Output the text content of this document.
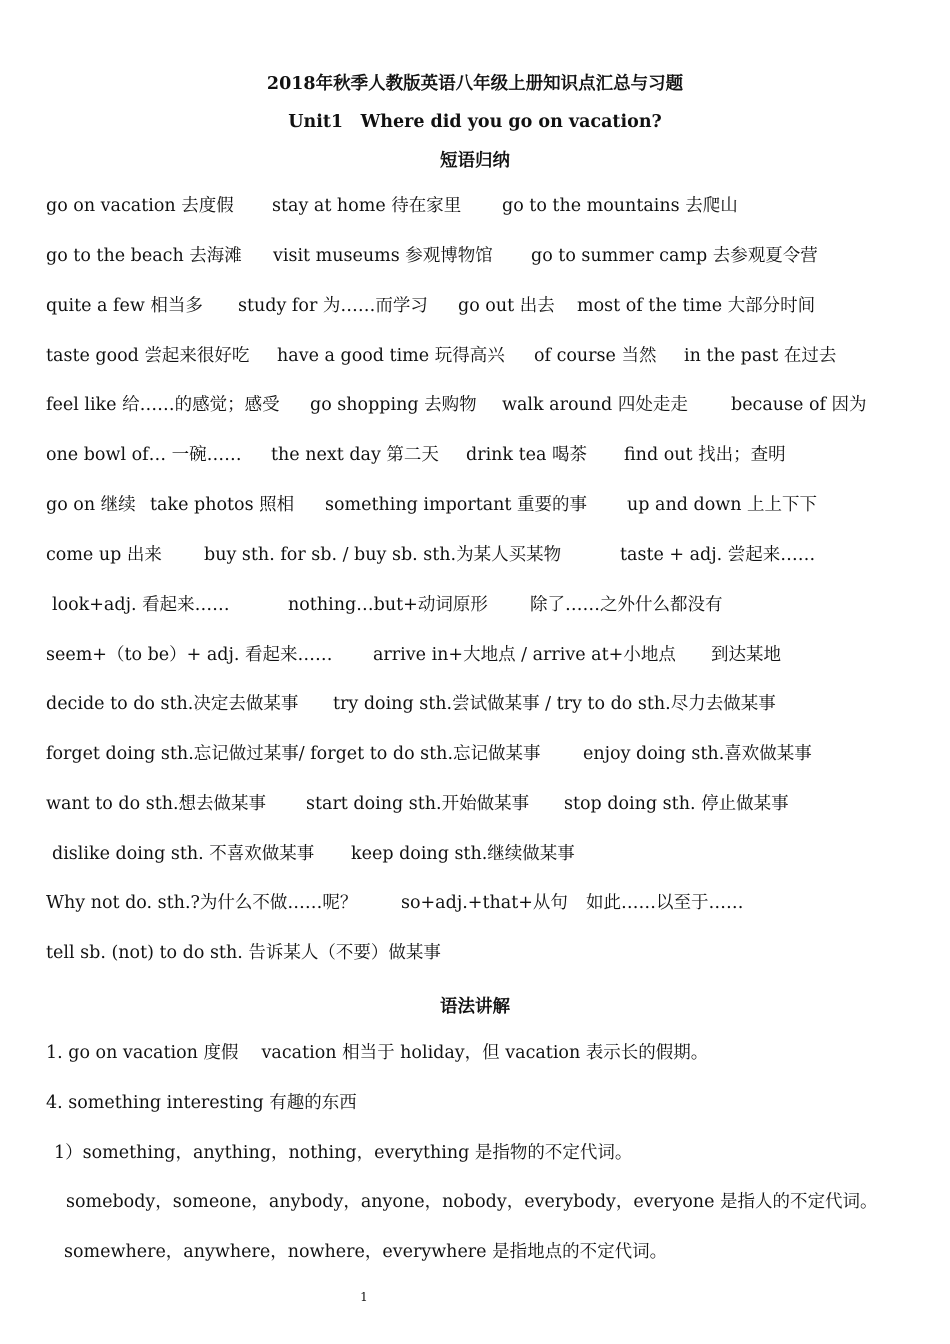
2018年秋季人教版英语八年级上册知识点汇总与习题
Unit1　Where did you go on vacation?
短语归纳
go on vacation 去度假 stay at home 待在家里 go to the mountains 去爬山
go to the beach 去海滩 visit museums 参观博物馆 go to summer camp 去参观夏令营
quite a few 相当多 study for 为……而学习 go out 出去 most of the time 大部分时间
taste good 尝起来很好吃 have a good time 玩得高兴 of course 当然 in the past 在过去
feel like 给……的感觉；感受 go shopping 去购物 walk around 四处走走 because of 因为
one bowl of… 一碗…… the next day 第二天 drink tea 喝茶 find out 找出；查明
go on 继续 take photos 照相 something important 重要的事 up and down 上上下下
come up 出来 buy sth. for sb. / buy sb. sth.为某人买某物	taste + adj. 尝起来……
look+adj. 看起来……	nothing…but+动词原形 除了……之外什么都没有
seem+（to be）+ adj. 看起来…… arrive in+大地点 / arrive at+小地点 到达某地
decide to do sth.决定去做某事 try doing sth.尝试做某事 / try to do sth.尽力去做某事
forget doing sth.忘记做过某事/ forget to do sth.忘记做某事 enjoy doing sth.喜欢做某事
want to do sth.想去做某事 start doing sth.开始做某事 stop doing sth. 停止做某事
dislike doing sth. 不喜欢做某事 keep doing sth.继续做某事
Why not do. sth.?为什么不做……呢？ so+adj.+that+从句 如此……以至于……
tell sb. (not) to do sth. 告诉某人（不要）做某事
语法讲解
1. go on vacation 度假　 vacation 相当于 holiday，但 vacation 表示长的假期。
4. something interesting 有趣的东西
1）something，anything，nothing，everything 是指物的不定代词。
somebody，someone，anybody，anyone，nobody，everybody，everyone 是指人的不定代词。
somewhere，anywhere，nowhere，everywhere 是指地点的不定代词。
1
